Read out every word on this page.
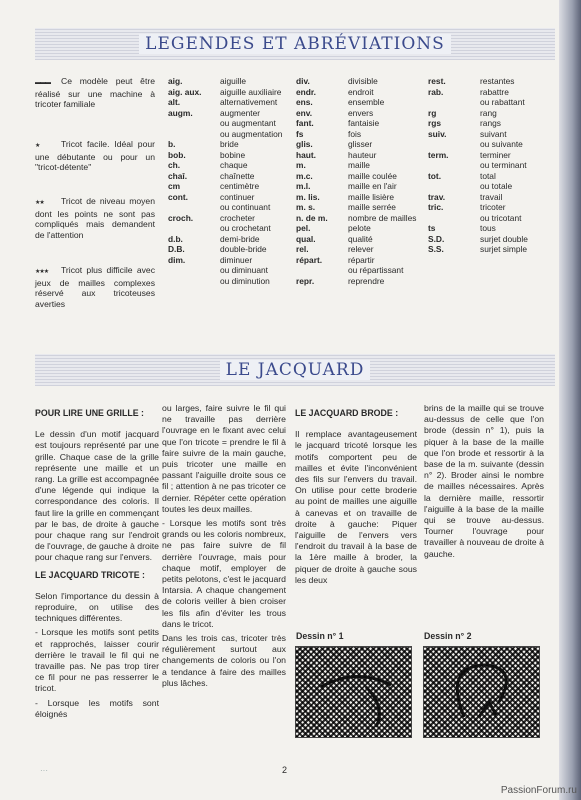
LEGENDES ET ABRÉVIATIONS
▬▬▬ Ce modèle peut être réalisé sur une machine à tricoter familiale
★	Tricot facile. Idéal pour une débutante ou pour un "tricot-détente"
★★ Tricot de niveau moyen dont les points ne sont pas compliqués mais demandent de l'attention
★★★ Tricot plus difficile avec jeux de mailles complexes réservé aux tricoteuses averties
aig.	aiguille
aig. aux.	aiguille auxiliaire
alt.	alternativement
augm.	augmenter
ou augmentant
ou augmentation
b.	bride
bob.	bobine
ch.	chaque
chaî.	chaînette
cm	centimètre
cont.	continuer
ou continuant
croch.	crocheter
ou crochetant
d.b.	demi-bride
D.B.	double-bride
dim.	diminuer
ou diminuant
ou diminution
div.	divisible
endr.	endroit
ens.	ensemble
env.	envers
fant.	fantaisie
fs	fois
glis.	glisser
haut.	hauteur
m.	maille
m.c.	maille coulée
m.l.	maille en l'air
m. lis.	maille lisière
m. s.	maille serrée
n. de m.	nombre de mailles
pel.	pelote
qual.	qualité
rel.	relever
répart.	répartir
ou répartissant
repr.	reprendre
rest.	restantes
rab.	rabattre
ou rabattant
rg	rang
rgs	rangs
suiv.	suivant
ou suivante
term.	terminer
ou terminant
tot.	total
ou totale
trav.	travail
tric.	tricoter
ou tricotant
ts	tous
S.D.	surjet double
S.S.	surjet simple
LE JACQUARD
POUR LIRE UNE GRILLE :

Le dessin d'un motif jacquard est toujours représenté par une grille. Chaque case de la grille représente une maille et un rang. La grille est accompagnée d'une légende qui indique la correspondance des coloris. Il faut lire la grille en commençant par le bas, de droite à gauche pour chaque rang sur l'endroit de l'ouvrage, de gauche à droite pour chaque rang sur l'envers.

LE JACQUARD TRICOTE :

Selon l'importance du dessin à reproduire, on utilise des techniques différentes.

- Lorsque les motifs sont petits et rapprochés, laisser courir derrière le travail le fil qui ne travaille pas. Ne pas trop tirer ce fil pour ne pas resserrer le tricot.

- Lorsque les motifs sont éloignés

ou larges, faire suivre le fil qui ne travaille pas derrière l'ouvrage en le fixant avec celui que l'on tricote = prendre le fil à faire suivre de la main gauche, puis tricoter une maille en passant l'aiguille droite sous ce fil ; attention à ne pas tricoter ce dernier. Répéter cette opération toutes les deux mailles.

- Lorsque les motifs sont très grands ou les coloris nombreux, ne pas faire suivre de fil derrière l'ouvrage, mais pour chaque motif, employer de petits pelotons, c'est le jacquard Intarsia. A chaque changement de coloris veiller à bien croiser les fils afin d'éviter les trous dans le tricot.

Dans les trois cas, tricoter très régulièrement surtout aux changements de coloris ou l'on a tendance à faire des mailles plus lâches.

LE JACQUARD BRODE :

Il remplace avantageusement le jacquard tricoté lorsque les motifs comportent peu de mailles et évite l'inconvénient des fils sur l'envers du travail. On utilise pour cette broderie au point de mailles une aiguille à canevas et on travaille de droite à gauche: Piquer l'aiguille de l'envers vers l'endroit du travail à la base de la 1ère maille à broder, la piquer de droite à gauche sous les deux

brins de la maille qui se trouve au-dessus de celle que l'on brode (dessin n° 1), puis la piquer à la base de la maille que l'on brode et ressortir à la base de la m. suivante (dessin n° 2). Broder ainsi le nombre de mailles nécessaires. Après la dernière maille, ressortir l'aiguille à la base de la maille qui se trouve au-dessus. Tourner l'ouvrage pour travailler à nouveau de droite à gauche.

Dessin n° 1	Dessin n° 2
···	2
PassionForum.ru
